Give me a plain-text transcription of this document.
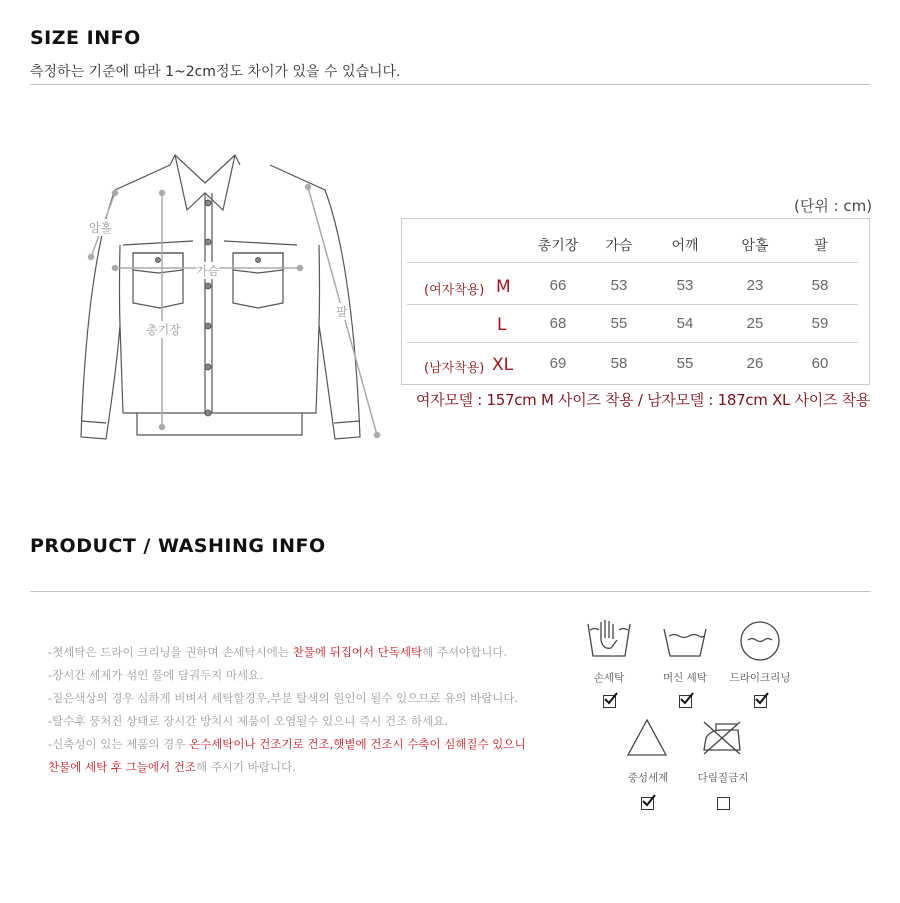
SIZE INFO
측정하는 기준에 따라 1~2cm정도 차이가 있을 수 있습니다.
암홀
가슴
총기장
팔
(단위 : cm)
총기장	가슴	어깨	암홀	팔
(여자착용) M	66	53	53	23	58
L	68	55	54	25	59
(남자착용) XL	69	58	55	26	60
여자모델 : 157cm M 사이즈 착용 / 남자모델 : 187cm XL 사이즈 착용
PRODUCT / WASHING INFO
-첫세탁은 드라이 크리닝을 권하며 손세탁시에는 찬물에 뒤집어서 단독세탁해 주셔야합니다.
-장시간 세제가 섞인 물에 담궈두지 마세요.
-짙은색상의 경우 심하게 비벼서 세탁할경우,부분 탈색의 원인이 될수 있으므로 유의 바랍니다.
-탈수후 뭉처진 상태로 장시간 방치시 제품이 오염될수 있으니 즉시 건조 하세요.
-신축성이 있는 제품의 경우 온수세탁이나 건조기로 건조,햇볕에 건조시 수축이 심해질수 있으니
찬물에 세탁 후 그늘에서 건조해 주시기 바랍니다.
손세탁	머신 세탁	드라이크리닝
중성세제	다림질금지
